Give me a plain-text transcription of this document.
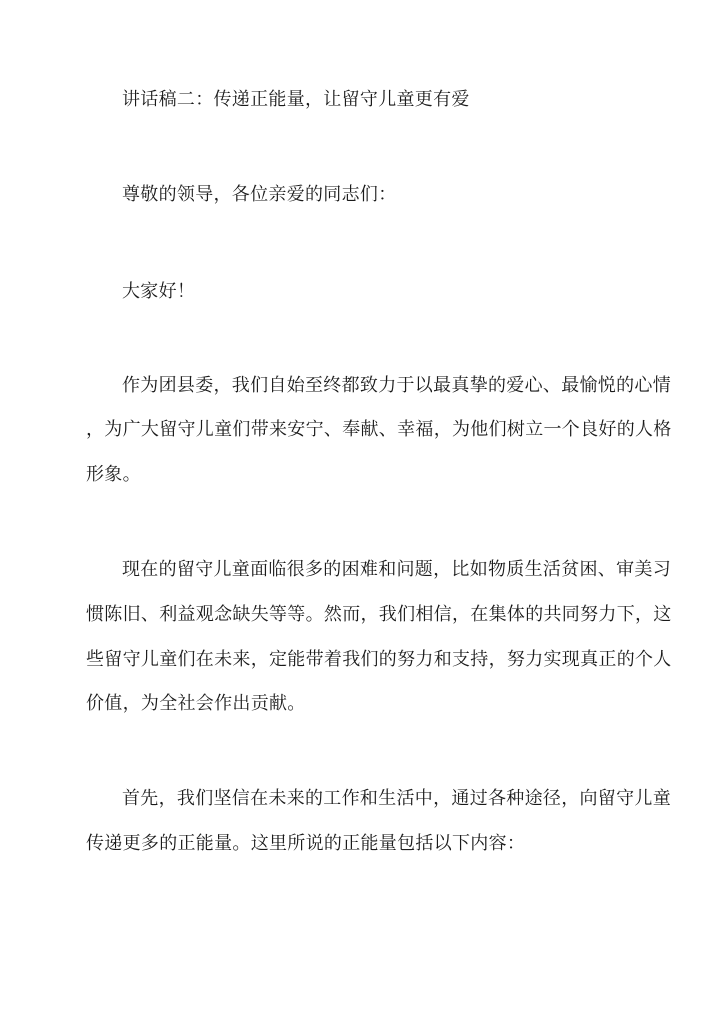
讲话稿二：传递正能量，让留守儿童更有爱
尊敬的领导，各位亲爱的同志们：
大家好！
作为团县委，我们自始至终都致力于以最真挚的爱心、最愉悦的心情
，为广大留守儿童们带来安宁、奉献、幸福，为他们树立一个良好的人格
形象。
现在的留守儿童面临很多的困难和问题，比如物质生活贫困、审美习
惯陈旧、利益观念缺失等等。然而，我们相信，在集体的共同努力下，这
些留守儿童们在未来，定能带着我们的努力和支持，努力实现真正的个人
价值，为全社会作出贡献。
首先，我们坚信在未来的工作和生活中，通过各种途径，向留守儿童
传递更多的正能量。这里所说的正能量包括以下内容：
